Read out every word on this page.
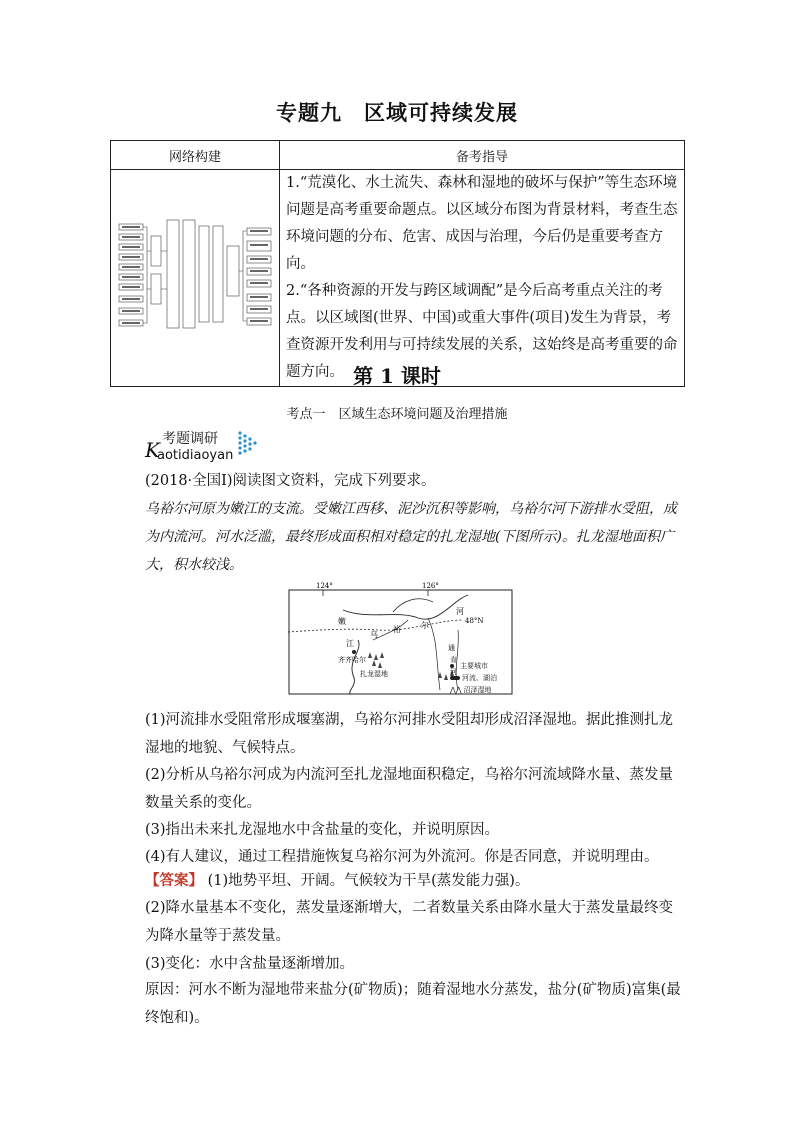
专题九　区域可持续发展
网络构建	备考指导

1.“荒漠化、水土流失、森林和湿地的破坏与保护”等生态环境问题是高考重要命题点。以区域分布图为背景材料，考查生态环境问题的分布、危害、成因与治理，今后仍是重要考查方向。
2.“各种资源的开发与跨区域调配”是今后高考重点关注的考点。以区域图(世界、中国)或重大事件(项目)发生为背景，考查资源开发利用与可持续发展的关系，这始终是高考重要的命题方向。 第 1 课时
考点一　区域生态环境问题及治理措施
K 考题调研
aotidiaoyan
(2018·全国Ⅰ)阅读图文资料，完成下列要求。
乌裕尔河原为嫩江的支流。受嫩江西移、泥沙沉积等影响，乌裕尔河下游排水受阻，成为内流河。河水泛滥，最终形成面积相对稳定的扎龙湿地(下图所示)。扎龙湿地面积广大，积水较浅。
124°	126°
48°N
嫩
乌
裕	尔
河
江
齐齐哈尔
扎龙湿地
通
肯
河
主要城市
河流、湖泊
⋀⋀ 沼泽湿地
(1)河流排水受阻常形成堰塞湖，乌裕尔河排水受阻却形成沼泽湿地。据此推测扎龙湿地的地貌、气候特点。
(2)分析从乌裕尔河成为内流河至扎龙湿地面积稳定，乌裕尔河流域降水量、蒸发量数量关系的变化。
(3)指出未来扎龙湿地水中含盐量的变化，并说明原因。
(4)有人建议，通过工程措施恢复乌裕尔河为外流河。你是否同意，并说明理由。
【答案】 (1)地势平坦、开阔。气候较为干旱(蒸发能力强)。
(2)降水量基本不变化，蒸发量逐渐增大，二者数量关系由降水量大于蒸发量最终变为降水量等于蒸发量。
(3)变化：水中含盐量逐渐增加。
原因：河水不断为湿地带来盐分(矿物质)；随着湿地水分蒸发，盐分(矿物质)富集(最终饱和)。
